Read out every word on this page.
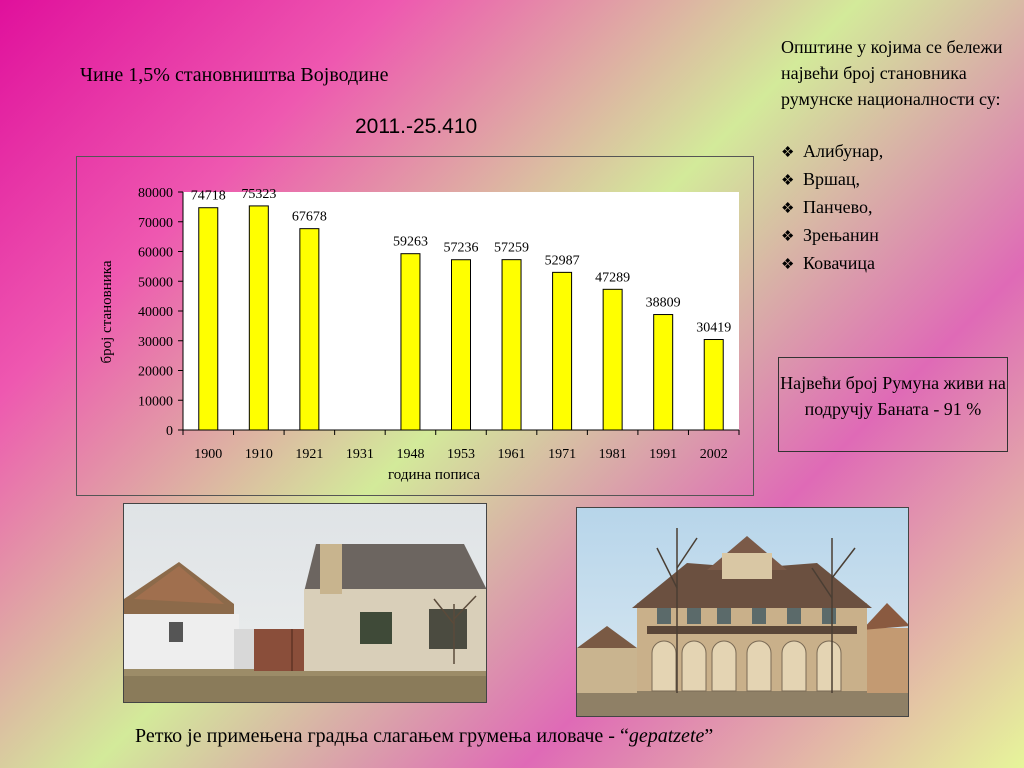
Чине 1,5% становништва Војводине
2011.-25.410
0
10000
20000
30000
40000
50000
60000
70000
80000
1900 1910 1921 1931 1948 1953 1961 1971 1981 1991 2002
74718 75323
67678
59263 57236 57259
52987
47289
38809
30419
број становника
година пописа
Општине у којима се бележи највећи број становника румунске националности су:
❖ Алибунар,
❖ Вршац,
❖ Панчево,
❖ Зрењанин
❖ Ковачица
Највећи број Румуна живи на подручју Баната - 91 %
Ретко је примењена градња слагањем грумења иловаче - “gepatzete”
